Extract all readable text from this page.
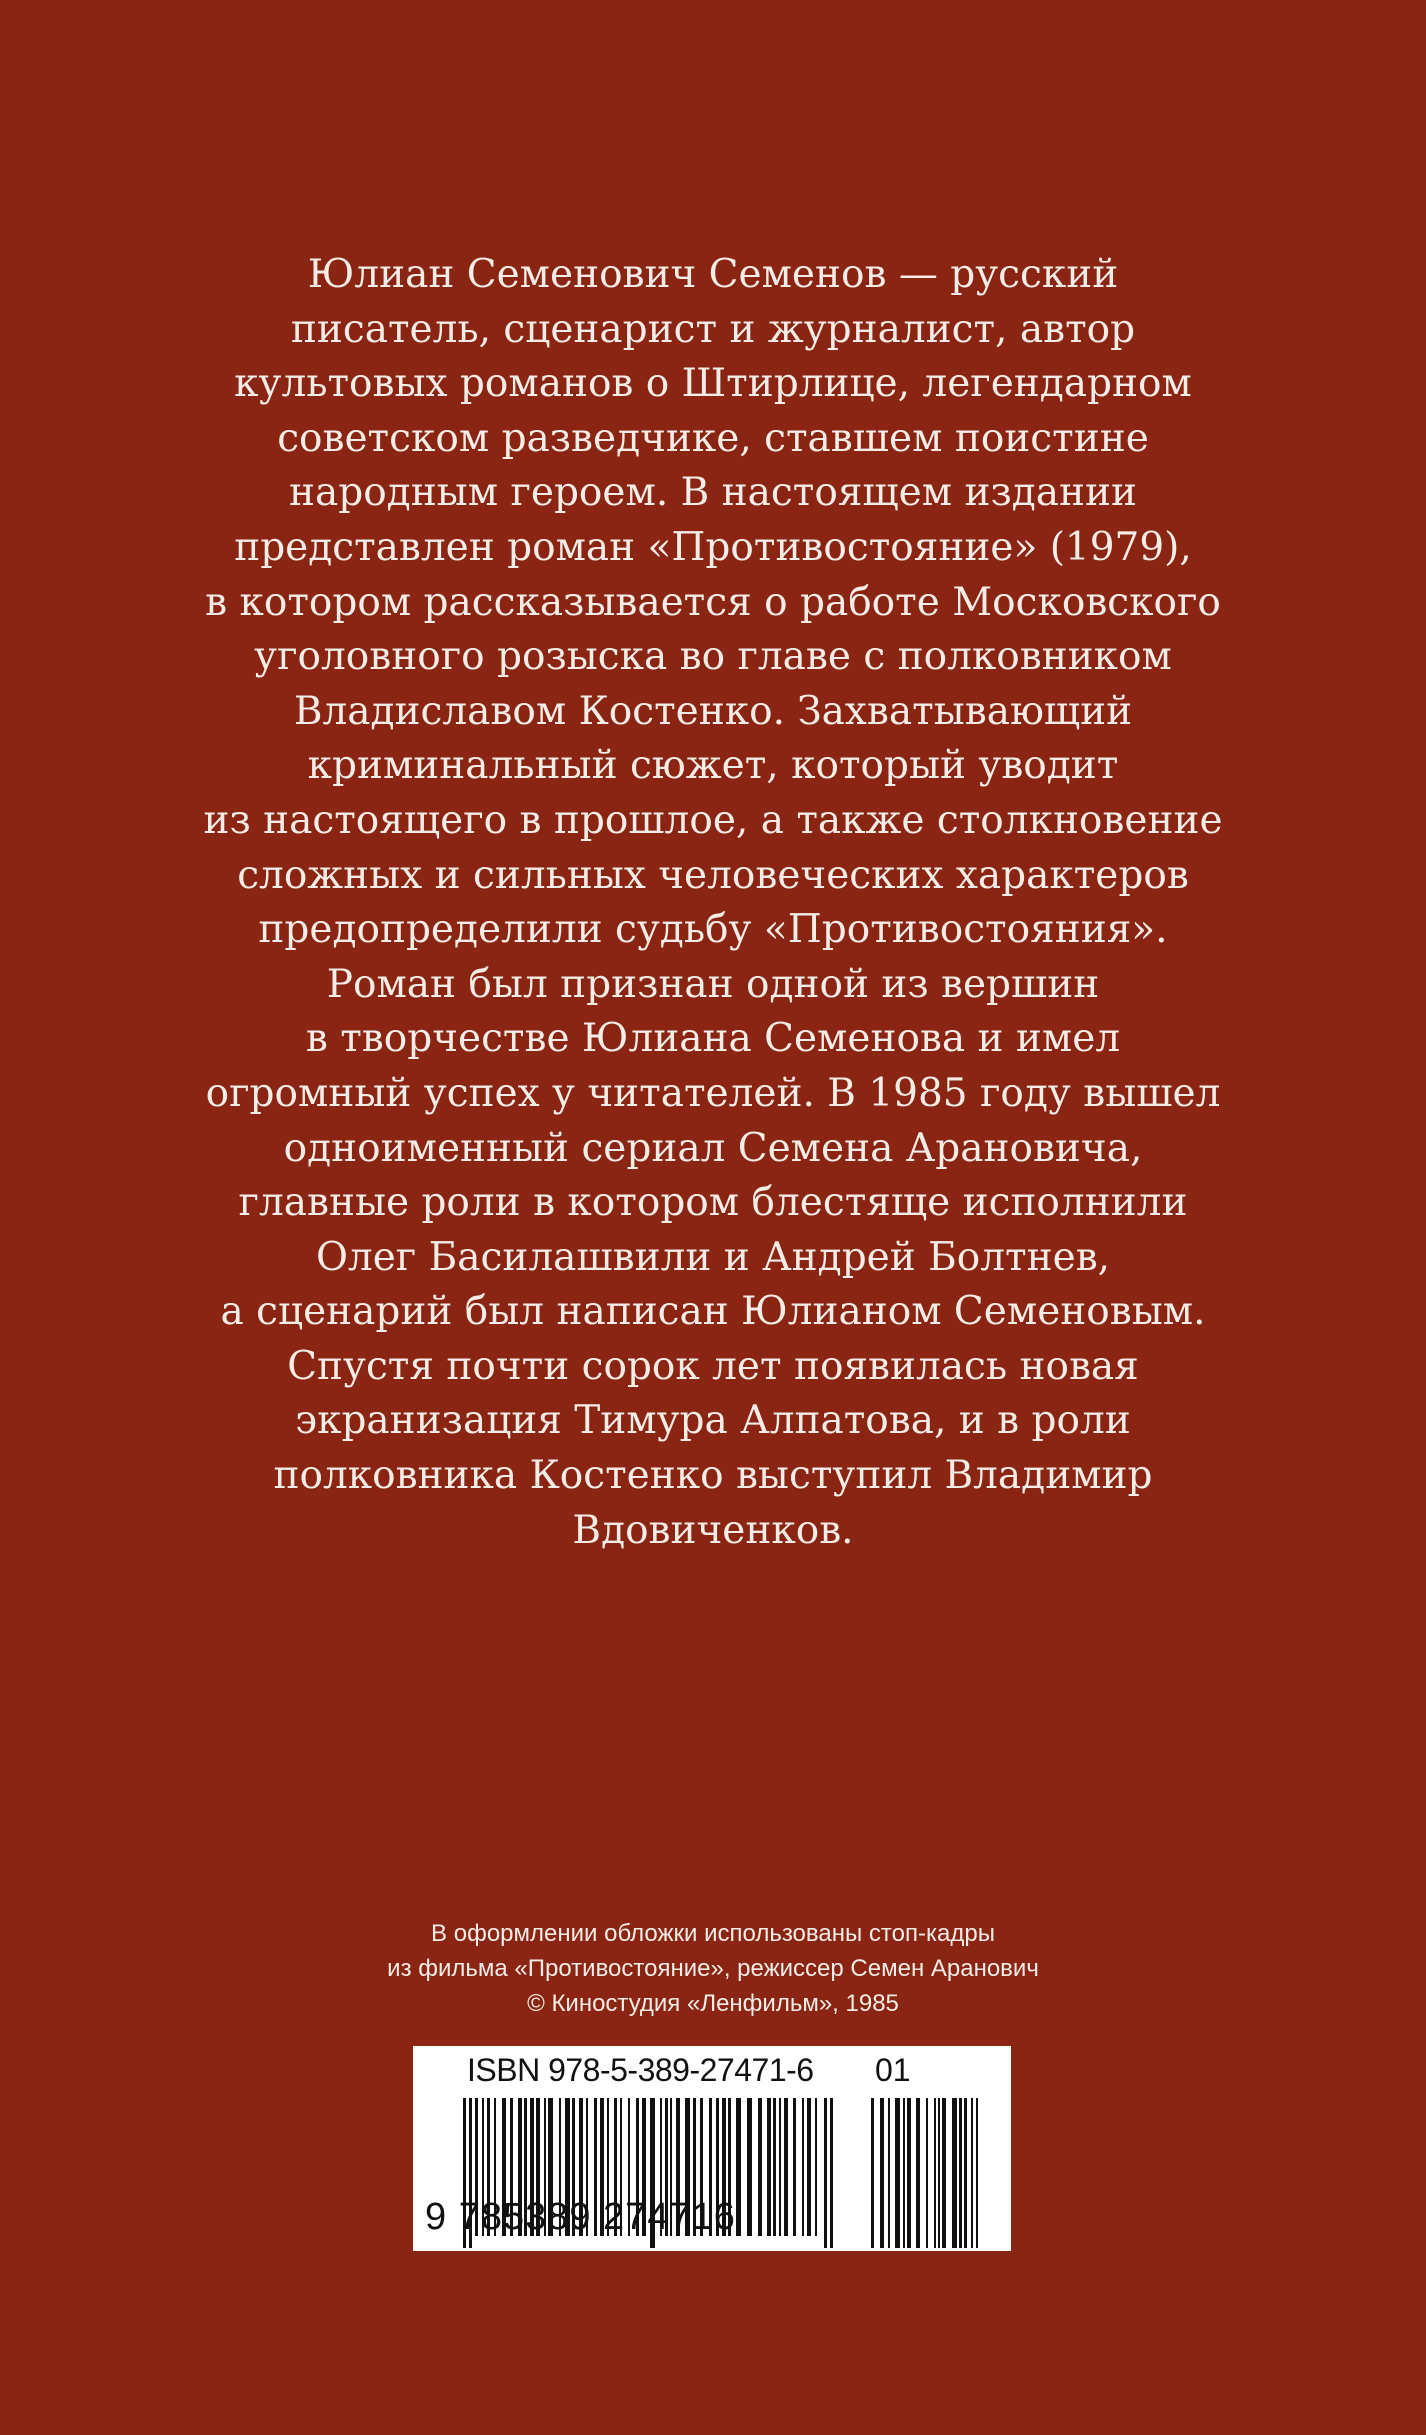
Юлиан Семенович Семенов — русский
писатель, сценарист и журналист, автор
культовых романов о Штирлице, легендарном
советском разведчике, ставшем поистине
народным героем. В настоящем издании
представлен роман «Противостояние» (1979),
в котором рассказывается о работе Московского
уголовного розыска во главе с полковником
Владиславом Костенко. Захватывающий
криминальный сюжет, который уводит
из настоящего в прошлое, а также столкновение
сложных и сильных человеческих характеров
предопределили судьбу «Противостояния».
Роман был признан одной из вершин
в творчестве Юлиана Семенова и имел
огромный успех у читателей. В 1985 году вышел
одноименный сериал Семена Арановича,
главные роли в котором блестяще исполнили
Олег Басилашвили и Андрей Болтнев,
а сценарий был написан Юлианом Семеновым.
Спустя почти сорок лет появилась новая
экранизация Тимура Алпатова, и в роли
полковника Костенко выступил Владимир
Вдовиченков.
В оформлении обложки использованы стоп-кадры
из фильма «Противостояние», режиссер Семен Аранович
© Киностудия «Ленфильм», 1985
ISBN 978-5-389-27471-6 01
9 785389 274716
